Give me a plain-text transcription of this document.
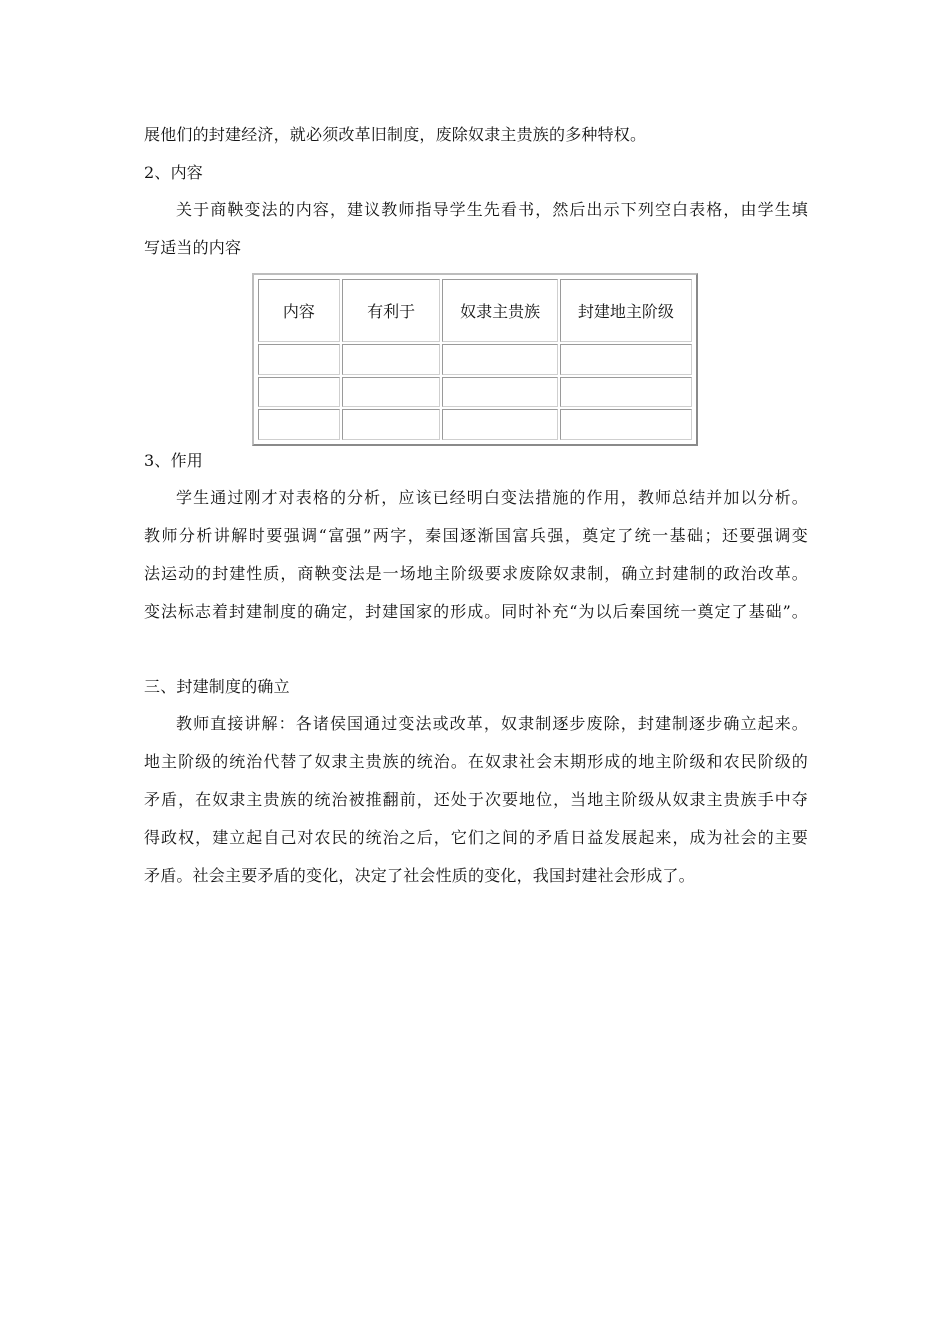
展他们的封建经济，就必须改革旧制度，废除奴隶主贵族的多种特权。
2、内容
关于商鞅变法的内容，建议教师指导学生先看书，然后出示下列空白表格，由学生填
写适当的内容
内容	有利于	奴隶主贵族	封建地主阶级

3、作用
学生通过刚才对表格的分析，应该已经明白变法措施的作用，教师总结并加以分析。
教师分析讲解时要强调“富强”两字，秦国逐渐国富兵强，奠定了统一基础；还要强调变
法运动的封建性质，商鞅变法是一场地主阶级要求废除奴隶制，确立封建制的政治改革。
变法标志着封建制度的确定，封建国家的形成。同时补充“为以后秦国统一奠定了基础”。
三、封建制度的确立
教师直接讲解：各诸侯国通过变法或改革，奴隶制逐步废除，封建制逐步确立起来。
地主阶级的统治代替了奴隶主贵族的统治。在奴隶社会末期形成的地主阶级和农民阶级的
矛盾，在奴隶主贵族的统治被推翻前，还处于次要地位，当地主阶级从奴隶主贵族手中夺
得政权，建立起自己对农民的统治之后，它们之间的矛盾日益发展起来，成为社会的主要
矛盾。社会主要矛盾的变化，决定了社会性质的变化，我国封建社会形成了。
